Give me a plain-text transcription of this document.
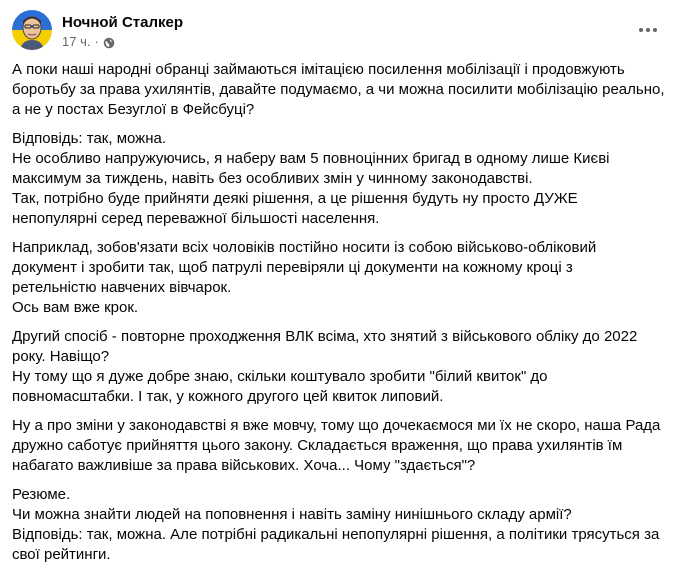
Ночной Сталкер
17 ч. ·

А поки наші народні обранці займаються імітацією посилення мобілізації і продовжують
боротьбу за права ухилянтів, давайте подумаємо, а чи можна посилити мобілізацію реально,
а не у постах Безуглої в Фейсбуці?

Відповідь: так, можна.
Не особливо напружуючись, я наберу вам 5 повноцінних бригад в одному лише Києві
максимум за тиждень, навіть без особливих змін у чинному законодавстві.
Так, потрібно буде прийняти деякі рішення, а це рішення будуть ну просто ДУЖЕ
непопулярні серед переважної більшості населення.

Наприклад, зобов'язати всіх чоловіків постійно носити із собою військово-обліковий
документ і зробити так, щоб патрулі перевіряли ці документи на кожному кроці з
ретельністю навчених вівчарок.
Ось вам вже крок.

Другий спосіб - повторне проходження ВЛК всіма, хто знятий з військового обліку до 2022
року. Навіщо?
Ну тому що я дуже добре знаю, скільки коштувало зробити "білий квиток" до
повномасштабки. І так, у кожного другого цей квиток липовий.

Ну а про зміни у законодавстві я вже мовчу, тому що дочекаємося ми їх не скоро, наша Рада
дружно саботує прийняття цього закону. Складається враження, що права ухилянтів їм
набагато важливіше за права військових. Хоча... Чому "здається"?

Резюме.
Чи можна знайти людей на поповнення і навіть заміну нинішнього складу армії?
Відповідь: так, можна. Але потрібні радикальні непопулярні рішення, а політики трясуться за
свої рейтинги.
